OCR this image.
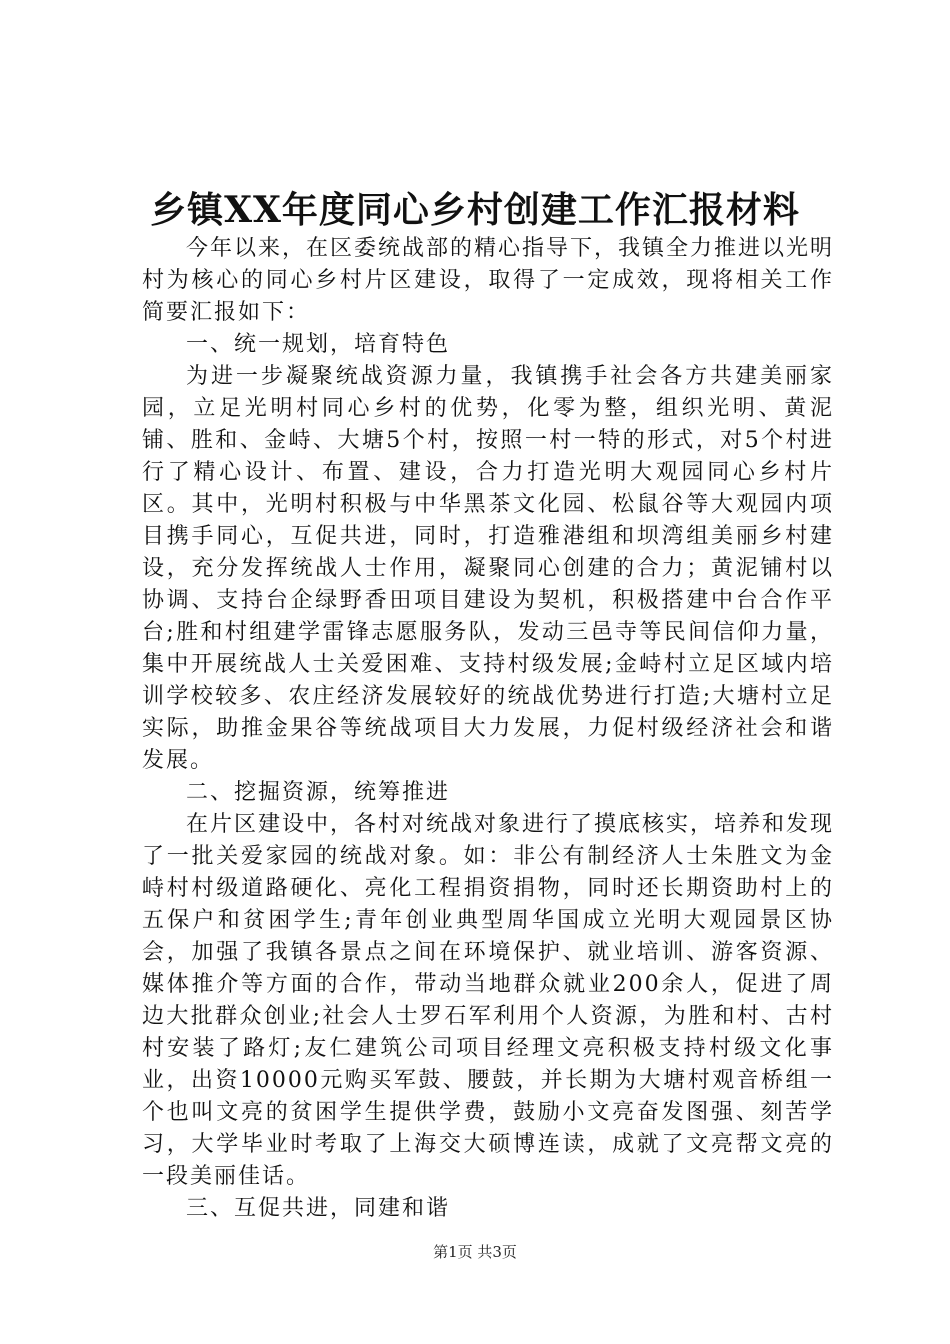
乡镇XX年度同心乡村创建工作汇报材料

今年以来，在区委统战部的精心指导下，我镇全力推进以光明村为核心的同心乡村片区建设，取得了一定成效，现将相关工作简要汇报如下：

一、统一规划，培育特色

为进一步凝聚统战资源力量，我镇携手社会各方共建美丽家园，立足光明村同心乡村的优势，化零为整，组织光明、黄泥铺、胜和、金峙、大塘5个村，按照一村一特的形式，对5个村进行了精心设计、布置、建设，合力打造光明大观园同心乡村片区。其中，光明村积极与中华黑茶文化园、松鼠谷等大观园内项目携手同心，互促共进，同时，打造雅港组和坝湾组美丽乡村建设，充分发挥统战人士作用，凝聚同心创建的合力；黄泥铺村以协调、支持台企绿野香田项目建设为契机，积极搭建中台合作平台;胜和村组建学雷锋志愿服务队，发动三邑寺等民间信仰力量，集中开展统战人士关爱困难、支持村级发展;金峙村立足区域内培训学校较多、农庄经济发展较好的统战优势进行打造;大塘村立足实际，助推金果谷等统战项目大力发展，力促村级经济社会和谐发展。

二、挖掘资源，统筹推进

在片区建设中，各村对统战对象进行了摸底核实，培养和发现了一批关爱家园的统战对象。如：非公有制经济人士朱胜文为金峙村村级道路硬化、亮化工程捐资捐物，同时还长期资助村上的五保户和贫困学生;青年创业典型周华国成立光明大观园景区协会，加强了我镇各景点之间在环境保护、就业培训、游客资源、媒体推介等方面的合作，带动当地群众就业200余人，促进了周边大批群众创业;社会人士罗石军利用个人资源，为胜和村、古村村安装了路灯;友仁建筑公司项目经理文亮积极支持村级文化事业，出资10000元购买军鼓、腰鼓，并长期为大塘村观音桥组一个也叫文亮的贫困学生提供学费，鼓励小文亮奋发图强、刻苦学习，大学毕业时考取了上海交大硕博连读，成就了文亮帮文亮的一段美丽佳话。

三、互促共进，同建和谐

第1页 共3页
